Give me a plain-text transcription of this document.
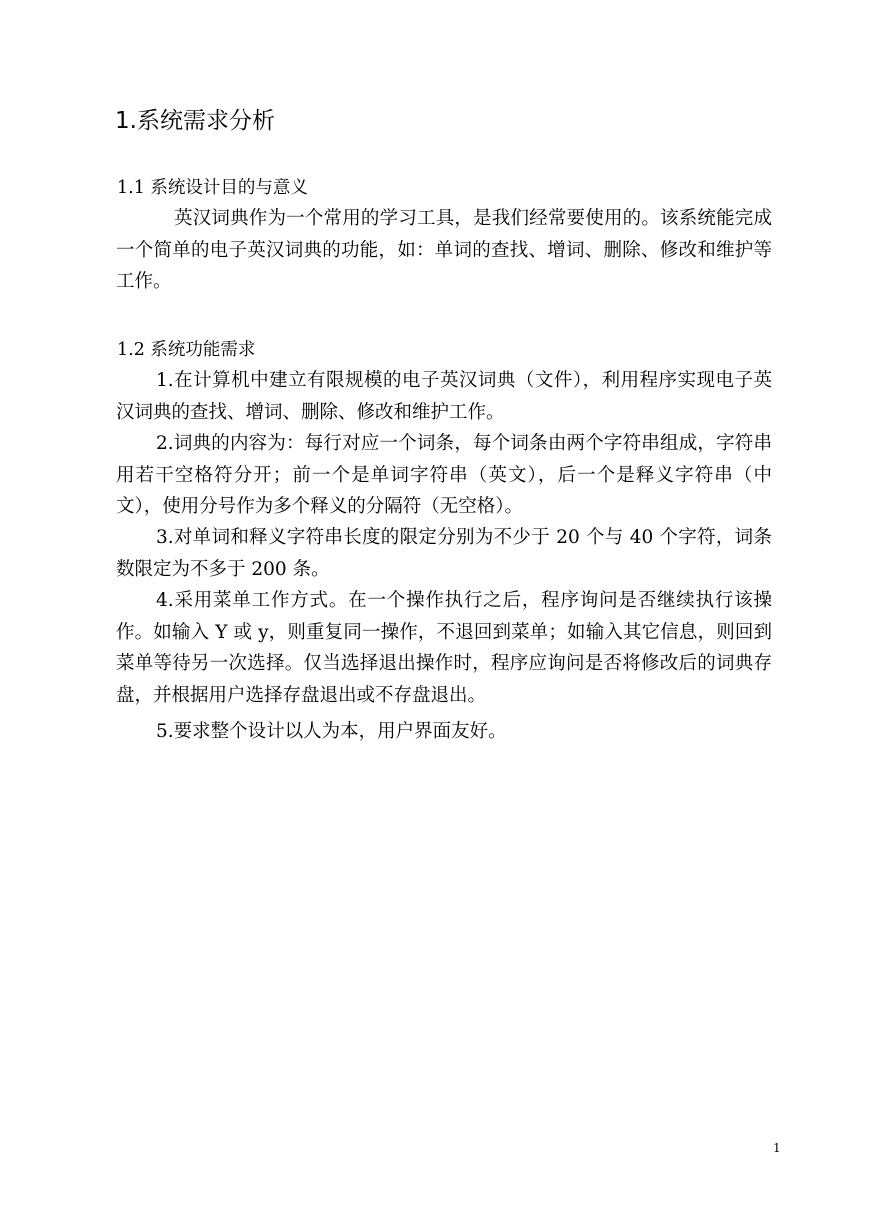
1.系统需求分析
1.1 系统设计目的与意义

英汉词典作为一个常用的学习工具，是我们经常要使用的。该系统能完成一个简单的电子英汉词典的功能，如：单词的查找、增词、删除、修改和维护等工作。

1.2 系统功能需求

1.在计算机中建立有限规模的电子英汉词典（文件），利用程序实现电子英汉词典的查找、增词、删除、修改和维护工作。

2.词典的内容为：每行对应一个词条，每个词条由两个字符串组成，字符串用若干空格符分开；前一个是单词字符串（英文），后一个是释义字符串（中文），使用分号作为多个释义的分隔符（无空格）。

3.对单词和释义字符串长度的限定分别为不少于 20 个与 40 个字符，词条数限定为不多于 200 条。

4.采用菜单工作方式。在一个操作执行之后，程序询问是否继续执行该操作。如输入 Y 或 y，则重复同一操作，不退回到菜单；如输入其它信息，则回到菜单等待另一次选择。仅当选择退出操作时，程序应询问是否将修改后的词典存盘，并根据用户选择存盘退出或不存盘退出。

5.要求整个设计以人为本，用户界面友好。

1
